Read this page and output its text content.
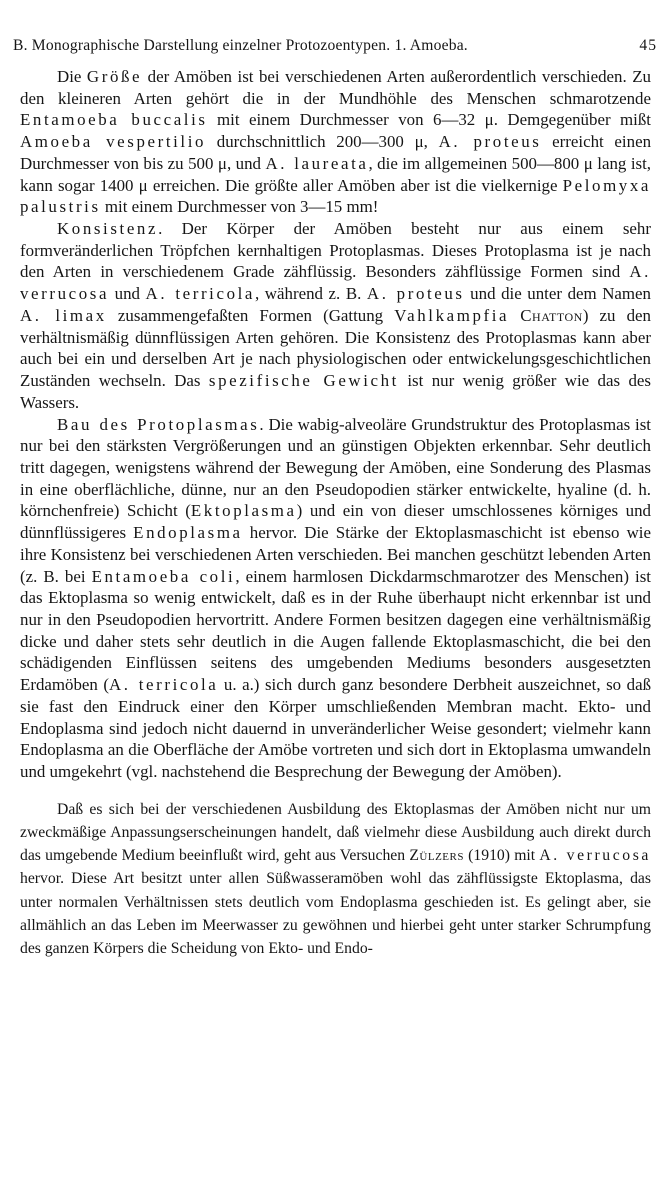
B. Monographische Darstellung einzelner Protozoentypen. 1. Amoeba.	45

Die Größe der Amöben ist bei verschiedenen Arten außerordentlich verschieden. Zu den kleineren Arten gehört die in der Mundhöhle des Menschen schmarotzende Entamoeba buccalis mit einem Durchmesser von 6—32 μ. Demgegenüber mißt Amoeba vespertilio durchschnittlich 200—300 μ, A. proteus erreicht einen Durchmesser von bis zu 500 μ, und A. laureata, die im allgemeinen 500—800 μ lang ist, kann sogar 1400 μ erreichen. Die größte aller Amöben aber ist die vielkernige Pelomyxa palustris mit einem Durchmesser von 3—15 mm!

Konsistenz. Der Körper der Amöben besteht nur aus einem sehr formveränderlichen Tröpfchen kernhaltigen Protoplasmas. Dieses Protoplasma ist je nach den Arten in verschiedenem Grade zähflüssig. Besonders zähflüssige Formen sind A. verrucosa und A. terricola, während z. B. A. proteus und die unter dem Namen A. limax zusammengefaßten Formen (Gattung Vahlkampfia Chatton) zu den verhältnismäßig dünnflüssigen Arten gehören. Die Konsistenz des Protoplasmas kann aber auch bei ein und derselben Art je nach physiologischen oder entwickelungsgeschichtlichen Zuständen wechseln. Das spezifische Gewicht ist nur wenig größer wie das des Wassers.

Bau des Protoplasmas. Die wabig-alveoläre Grundstruktur des Protoplasmas ist nur bei den stärksten Vergrößerungen und an günstigen Objekten erkennbar. Sehr deutlich tritt dagegen, wenigstens während der Bewegung der Amöben, eine Sonderung des Plasmas in eine oberflächliche, dünne, nur an den Pseudopodien stärker entwickelte, hyaline (d. h. körnchenfreie) Schicht (Ektoplasma) und ein von dieser umschlossenes körniges und dünnflüssigeres Endoplasma hervor. Die Stärke der Ektoplasmaschicht ist ebenso wie ihre Konsistenz bei verschiedenen Arten verschieden. Bei manchen geschützt lebenden Arten (z. B. bei Entamoeba coli, einem harmlosen Dickdarmschmarotzer des Menschen) ist das Ektoplasma so wenig entwickelt, daß es in der Ruhe überhaupt nicht erkennbar ist und nur in den Pseudopodien hervortritt. Andere Formen besitzen dagegen eine verhältnismäßig dicke und daher stets sehr deutlich in die Augen fallende Ektoplasmaschicht, die bei den schädigenden Einflüssen seitens des umgebenden Mediums besonders ausgesetzten Erdamöben (A. terricola u. a.) sich durch ganz besondere Derbheit auszeichnet, so daß sie fast den Eindruck einer den Körper umschließenden Membran macht. Ekto- und Endoplasma sind jedoch nicht dauernd in unveränderlicher Weise gesondert; vielmehr kann Endoplasma an die Oberfläche der Amöbe vortreten und sich dort in Ektoplasma umwandeln und umgekehrt (vgl. nachstehend die Besprechung der Bewegung der Amöben).

Daß es sich bei der verschiedenen Ausbildung des Ektoplasmas der Amöben nicht nur um zweckmäßige Anpassungserscheinungen handelt, daß vielmehr diese Ausbildung auch direkt durch das umgebende Medium beeinflußt wird, geht aus Versuchen Zülzers (1910) mit A. verrucosa hervor. Diese Art besitzt unter allen Süßwasseramöben wohl das zähflüssigste Ektoplasma, das unter normalen Verhältnissen stets deutlich vom Endoplasma geschieden ist. Es gelingt aber, sie allmählich an das Leben im Meerwasser zu gewöhnen und hierbei geht unter starker Schrumpfung des ganzen Körpers die Scheidung von Ekto- und Endo-
